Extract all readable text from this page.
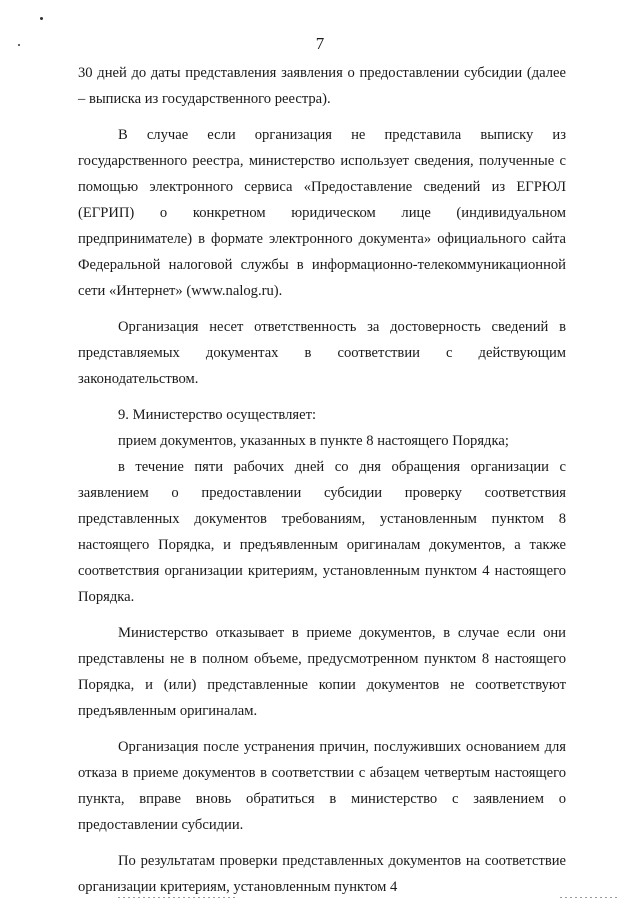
7

30 дней до даты представления заявления о предоставлении субсидии (далее – выписка из государственного реестра).

В случае если организация не представила выписку из государственного реестра, министерство использует сведения, полученные с помощью электронного сервиса «Предоставление сведений из ЕГРЮЛ (ЕГРИП) о конкретном юридическом лице (индивидуальном предпринимателе) в формате электронного документа» официального сайта Федеральной налоговой службы в информационно-телекоммуникационной сети «Интернет» (www.nalog.ru).

Организация несет ответственность за достоверность сведений в представляемых документах в соответствии с действующим законодательством.

9. Министерство осуществляет:

прием документов, указанных в пункте 8 настоящего Порядка;

в течение пяти рабочих дней со дня обращения организации с заявлением о предоставлении субсидии проверку соответствия представленных документов требованиям, установленным пунктом 8 настоящего Порядка, и предъявленным оригиналам документов, а также соответствия организации критериям, установленным пунктом 4 настоящего Порядка.

Министерство отказывает в приеме документов, в случае если они представлены не в полном объеме, предусмотренном пунктом 8 настоящего Порядка, и (или) представленные копии документов не соответствуют предъявленным оригиналам.

Организация после устранения причин, послуживших основанием для отказа в приеме документов в соответствии с абзацем четвертым настоящего пункта, вправе вновь обратиться в министерство с заявлением о предоставлении субсидии.

По результатам проверки представленных документов на соответствие организации критериям, установленным пунктом 4
